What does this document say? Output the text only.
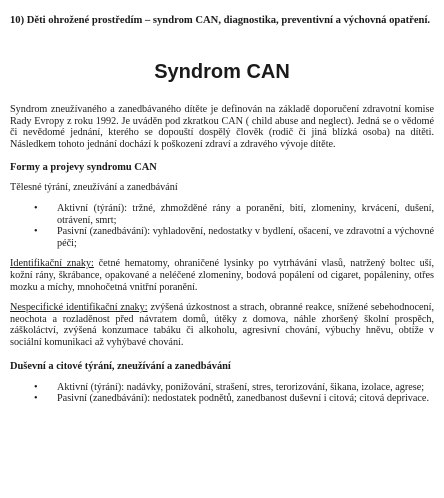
10) Děti ohrožené prostředím – syndrom CAN, diagnostika, preventivní a výchovná opatření.
Syndrom CAN

Syndrom zneužívaného a zanedbávaného dítěte je definován na základě doporučení zdravotní komise Rady Evropy z roku 1992. Je uváděn pod zkratkou CAN ( child abuse and neglect). Jedná se o vědomé či nevědomé jednání, kterého se dopouští dospělý člověk (rodič či jiná blízká osoba) na dítěti. Následkem tohoto jednání dochází k poškození zdraví a zdravého vývoje dítěte.

Formy a projevy syndromu CAN

Tělesné týrání, zneužívání a zanedbávání

• Aktivní (týrání): tržné, zhmožděné rány a poranění, bití, zlomeniny, krvácení, dušení, otrávení, smrt;
• Pasivní (zanedbávání): vyhladovění, nedostatky v bydlení, ošacení, ve zdravotní a výchovné péči;

Identifikační znaky: četné hematomy, ohraničené lysinky po vytrhávání vlasů, natržený boltec uší, kožní rány, škrábance, opakované a neléčené zlomeniny, bodová popálení od cigaret, popáleniny, otřes mozku a míchy, mnohočetná vnitřní poranění.

Nespecifické identifikační znaky: zvýšená úzkostnost a strach, obranné reakce, snížené sebehodnocení, neochota a rozladěnost před návratem domů, útěky z domova, náhle zhoršený školní prospěch, záškoláctví, zvýšená konzumace tabáku či alkoholu, agresivní chování, výbuchy hněvu, obtíže v sociální komunikaci až vyhýbavé chování.

Duševní a citové týrání, zneužívání a zanedbávání
• Aktivní (týrání): nadávky, ponižování, strašení, stres, terorizování, šikana, izolace, agrese;
• Pasivní (zanedbávání): nedostatek podnětů, zanedbanost duševní i citová; citová deprivace.
